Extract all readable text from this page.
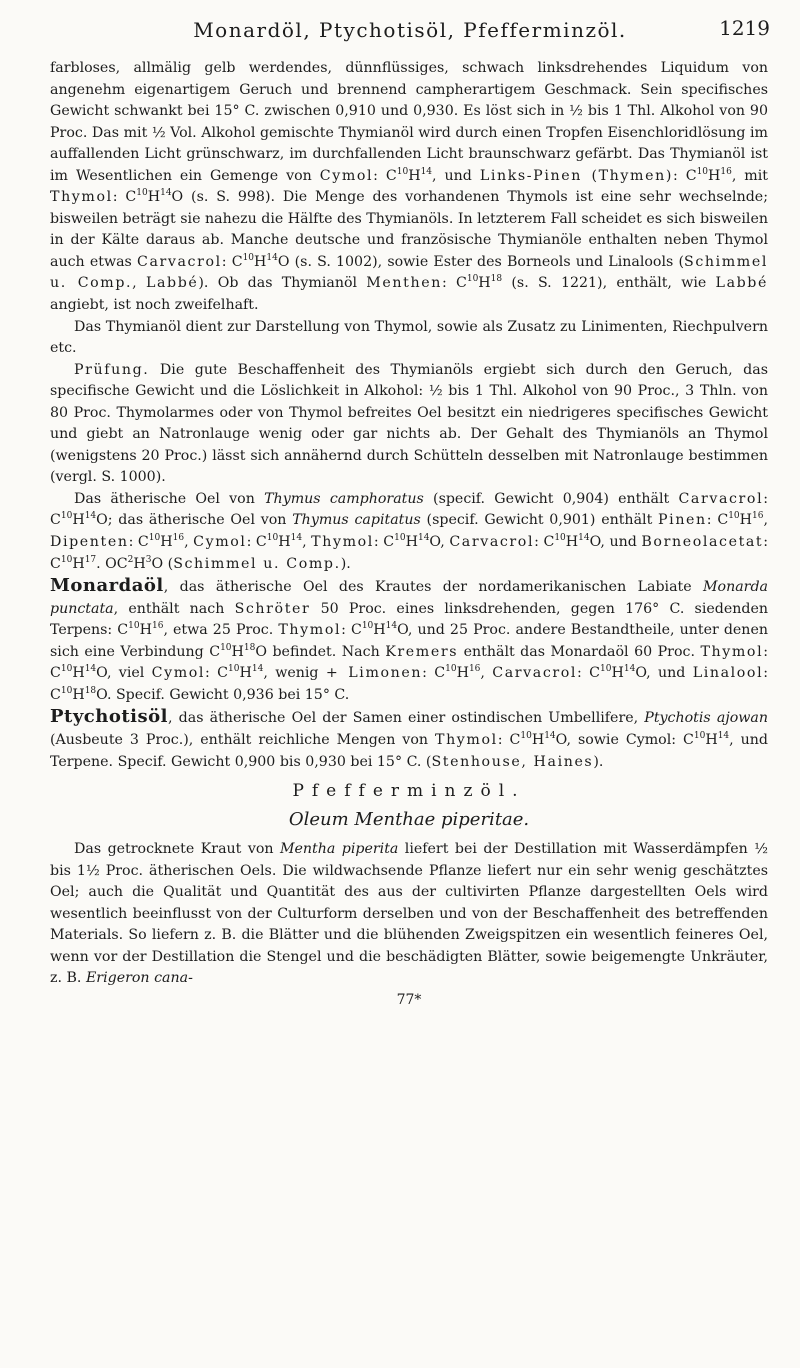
Monardöl, Ptychotisöl, Pfefferminzöl.	1219

farbloses, allmälig gelb werdendes, dünnflüssiges, schwach linksdrehendes Liquidum von angenehm eigenartigem Geruch und brennend campherartigem Geschmack. Sein specifisches Gewicht schwankt bei 15° C. zwischen 0,910 und 0,930. Es löst sich in ½ bis 1 Thl. Alkohol von 90 Proc. Das mit ½ Vol. Alkohol gemischte Thymianöl wird durch einen Tropfen Eisenchloridlösung im auffallenden Licht grünschwarz, im durchfallenden Licht braunschwarz gefärbt. Das Thymianöl ist im Wesentlichen ein Gemenge von Cymol: $C^{10}H^{14}$, und Links-Pinen (Thymen): $C^{10}H^{16}$, mit Thymol: $C^{10}H^{14}O$ (s. S. 998). Die Menge des vorhandenen Thymols ist eine sehr wechselnde; bisweilen beträgt sie nahezu die Hälfte des Thymianöls. In letzterem Fall scheidet es sich bisweilen in der Kälte daraus ab. Manche deutsche und französische Thymianöle enthalten neben Thymol auch etwas Carvacrol: $C^{10}H^{14}O$ (s. S. 1002), sowie Ester des Borneols und Linalools (Schimmel u. Comp., Labbé). Ob das Thymianöl Menthen: $C^{10}H^{18}$ (s. S. 1221), enthält, wie Labbé angiebt, ist noch zweifelhaft.

Das Thymianöl dient zur Darstellung von Thymol, sowie als Zusatz zu Linimenten, Riechpulvern etc.

Prüfung. Die gute Beschaffenheit des Thymianöls ergiebt sich durch den Geruch, das specifische Gewicht und die Löslichkeit in Alkohol: ½ bis 1 Thl. Alkohol von 90 Proc., 3 Thln. von 80 Proc. Thymolarmes oder von Thymol befreites Oel besitzt ein niedrigeres specifisches Gewicht und giebt an Natronlauge wenig oder gar nichts ab. Der Gehalt des Thymianöls an Thymol (wenigstens 20 Proc.) lässt sich annähernd durch Schütteln desselben mit Natronlauge bestimmen (vergl. S. 1000).

Das ätherische Oel von Thymus camphoratus (specif. Gewicht 0,904) enthält Carvacrol: $C^{10}H^{14}O$; das ätherische Oel von Thymus capitatus (specif. Gewicht 0,901) enthält Pinen: $C^{10}H^{16}$, Dipenten: $C^{10}H^{16}$, Cymol: $C^{10}H^{14}$, Thymol: $C^{10}H^{14}O$, Carvacrol: $C^{10}H^{14}O$, und Borneolacetat: $C^{10}H^{17}$. $OC^2H^3O$ (Schimmel u. Comp.).

Monardaöl, das ätherische Oel des Krautes der nordamerikanischen Labiate Monarda punctata, enthält nach Schröter 50 Proc. eines linksdrehenden, gegen 176° C. siedenden Terpens: $C^{10}H^{16}$, etwa 25 Proc. Thymol: $C^{10}H^{14}O$, und 25 Proc. andere Bestandtheile, unter denen sich eine Verbindung $C^{10}H^{18}O$ befindet. Nach Kremers enthält das Monardaöl 60 Proc. Thymol: $C^{10}H^{14}O$, viel Cymol: $C^{10}H^{14}$, wenig + Limonen: $C^{10}H^{16}$, Carvacrol: $C^{10}H^{14}O$, und Linalool: $C^{10}H^{18}O$. Specif. Gewicht 0,936 bei 15° C.

Ptychotisöl, das ätherische Oel der Samen einer ostindischen Umbellifere, Ptychotis ajowan (Ausbeute 3 Proc.), enthält reichliche Mengen von Thymol: $C^{10}H^{14}O$, sowie Cymol: $C^{10}H^{14}$, und Terpene. Specif. Gewicht 0,900 bis 0,930 bei 15° C. (Stenhouse, Haines).

Pfefferminzöl.
Oleum Menthae piperitae.

Das getrocknete Kraut von Mentha piperita liefert bei der Destillation mit Wasserdämpfen ½ bis 1½ Proc. ätherischen Oels. Die wildwachsende Pflanze liefert nur ein sehr wenig geschätztes Oel; auch die Qualität und Quantität des aus der cultivirten Pflanze dargestellten Oels wird wesentlich beeinflusst von der Culturform derselben und von der Beschaffenheit des betreffenden Materials. So liefern z. B. die Blätter und die blühenden Zweigspitzen ein wesentlich feineres Oel, wenn vor der Destillation die Stengel und die beschädigten Blätter, sowie beigemengte Unkräuter, z. B. Erigeron cana-

77*
